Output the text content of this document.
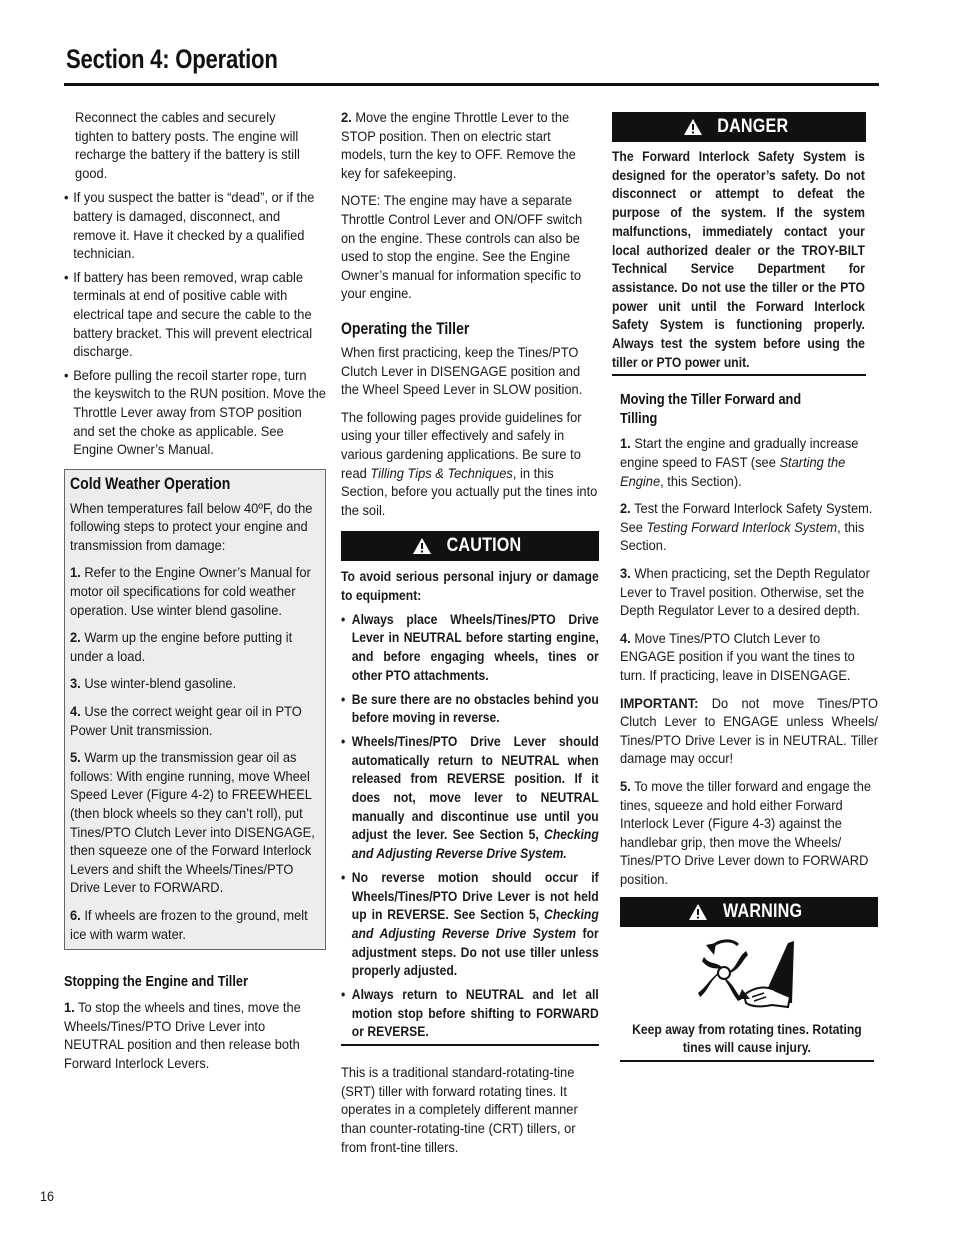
Section 4: Operation

Reconnect the cables and securely tighten to battery posts. The engine will recharge the battery if the battery is still good.

• If you suspect the batter is “dead”, or if the battery is damaged, disconnect, and remove it. Have it checked by a qualified technician.
• If battery has been removed, wrap cable terminals at end of positive cable with electrical tape and secure the cable to the battery bracket. This will prevent electrical discharge.
• Before pulling the recoil starter rope, turn the keyswitch to the RUN position. Move the Throttle Lever away from STOP position and set the choke as applicable. See Engine Owner’s Manual.
Cold Weather Operation

When temperatures fall below 40ºF, do the following steps to protect your engine and transmission from damage:

1. Refer to the Engine Owner’s Manual for motor oil specifications for cold weather operation. Use winter blend gasoline.

2. Warm up the engine before putting it under a load.

3. Use winter-blend gasoline.

4. Use the correct weight gear oil in PTO Power Unit transmission.

5. Warm up the transmission gear oil as follows: With engine running, move Wheel Speed Lever (Figure 4-2) to FREEWHEEL (then block wheels so they can’t roll), put Tines/PTO Clutch Lever into DISENGAGE, then squeeze one of the Forward Interlock Levers and shift the Wheels/Tines/PTO Drive Lever to FORWARD.

6. If wheels are frozen to the ground, melt ice with warm water.

Stopping the Engine and Tiller

1. To stop the wheels and tines, move the Wheels/Tines/PTO Drive Lever into NEUTRAL position and then release both Forward Interlock Levers.

2. Move the engine Throttle Lever to the STOP position. Then on electric start models, turn the key to OFF. Remove the key for safekeeping.

NOTE: The engine may have a separate Throttle Control Lever and ON/OFF switch on the engine. These controls can also be used to stop the engine. See the Engine Owner’s manual for information specific to your engine.

Operating the Tiller

When first practicing, keep the Tines/PTO Clutch Lever in DISENGAGE position and the Wheel Speed Lever in SLOW position.

The following pages provide guidelines for using your tiller effectively and safely in various gardening applications. Be sure to read Tilling Tips & Techniques, in this Section, before you actually put the tines into the soil.

CAUTION

To avoid serious personal injury or damage to equipment:

• Always place Wheels/Tines/PTO Drive Lever in NEUTRAL before starting engine, and before engaging wheels, tines or other PTO attachments.
• Be sure there are no obstacles behind you before moving in reverse.
• Wheels/Tines/PTO Drive Lever should automatically return to NEUTRAL when released from REVERSE position. If it does not, move lever to NEUTRAL manually and discontinue use until you adjust the lever. See Section 5, Checking and Adjusting Reverse Drive System.
• No reverse motion should occur if Wheels/Tines/PTO Drive Lever is not held up in REVERSE. See Section 5, Checking and Adjusting Reverse Drive System for adjustment steps. Do not use tiller unless properly adjusted.
• Always return to NEUTRAL and let all motion stop before shifting to FORWARD or REVERSE.

This is a traditional standard-rotating-tine (SRT) tiller with forward rotating tines. It operates in a completely different manner than counter-rotating-tine (CRT) tillers, or from front-tine tillers.

DANGER

The Forward Interlock Safety System is designed for the operator’s safety. Do not disconnect or attempt to defeat the purpose of the system. If the system malfunctions, immediately contact your local authorized dealer or the TROY-BILT Technical Service Department for assistance. Do not use the tiller or the PTO power unit until the Forward Interlock Safety System is functioning properly. Always test the system before using the tiller or PTO power unit.

Moving the Tiller Forward and Tilling

1. Start the engine and gradually increase engine speed to FAST (see Starting the Engine, this Section).

2. Test the Forward Interlock Safety System. See Testing Forward Interlock System, this Section.

3. When practicing, set the Depth Regulator Lever to Travel position. Otherwise, set the Depth Regulator Lever to a desired depth.

4. Move Tines/PTO Clutch Lever to ENGAGE position if you want the tines to turn. If practicing, leave in DISENGAGE.

IMPORTANT: Do not move Tines/PTO Clutch Lever to ENGAGE unless Wheels/ Tines/PTO Drive Lever is in NEUTRAL. Tiller damage may occur!

5. To move the tiller forward and engage the tines, squeeze and hold either Forward Interlock Lever (Figure 4-3) against the handlebar grip, then move the Wheels/ Tines/PTO Drive Lever down to FORWARD position.

WARNING

Keep away from rotating tines. Rotating tines will cause injury.

16
